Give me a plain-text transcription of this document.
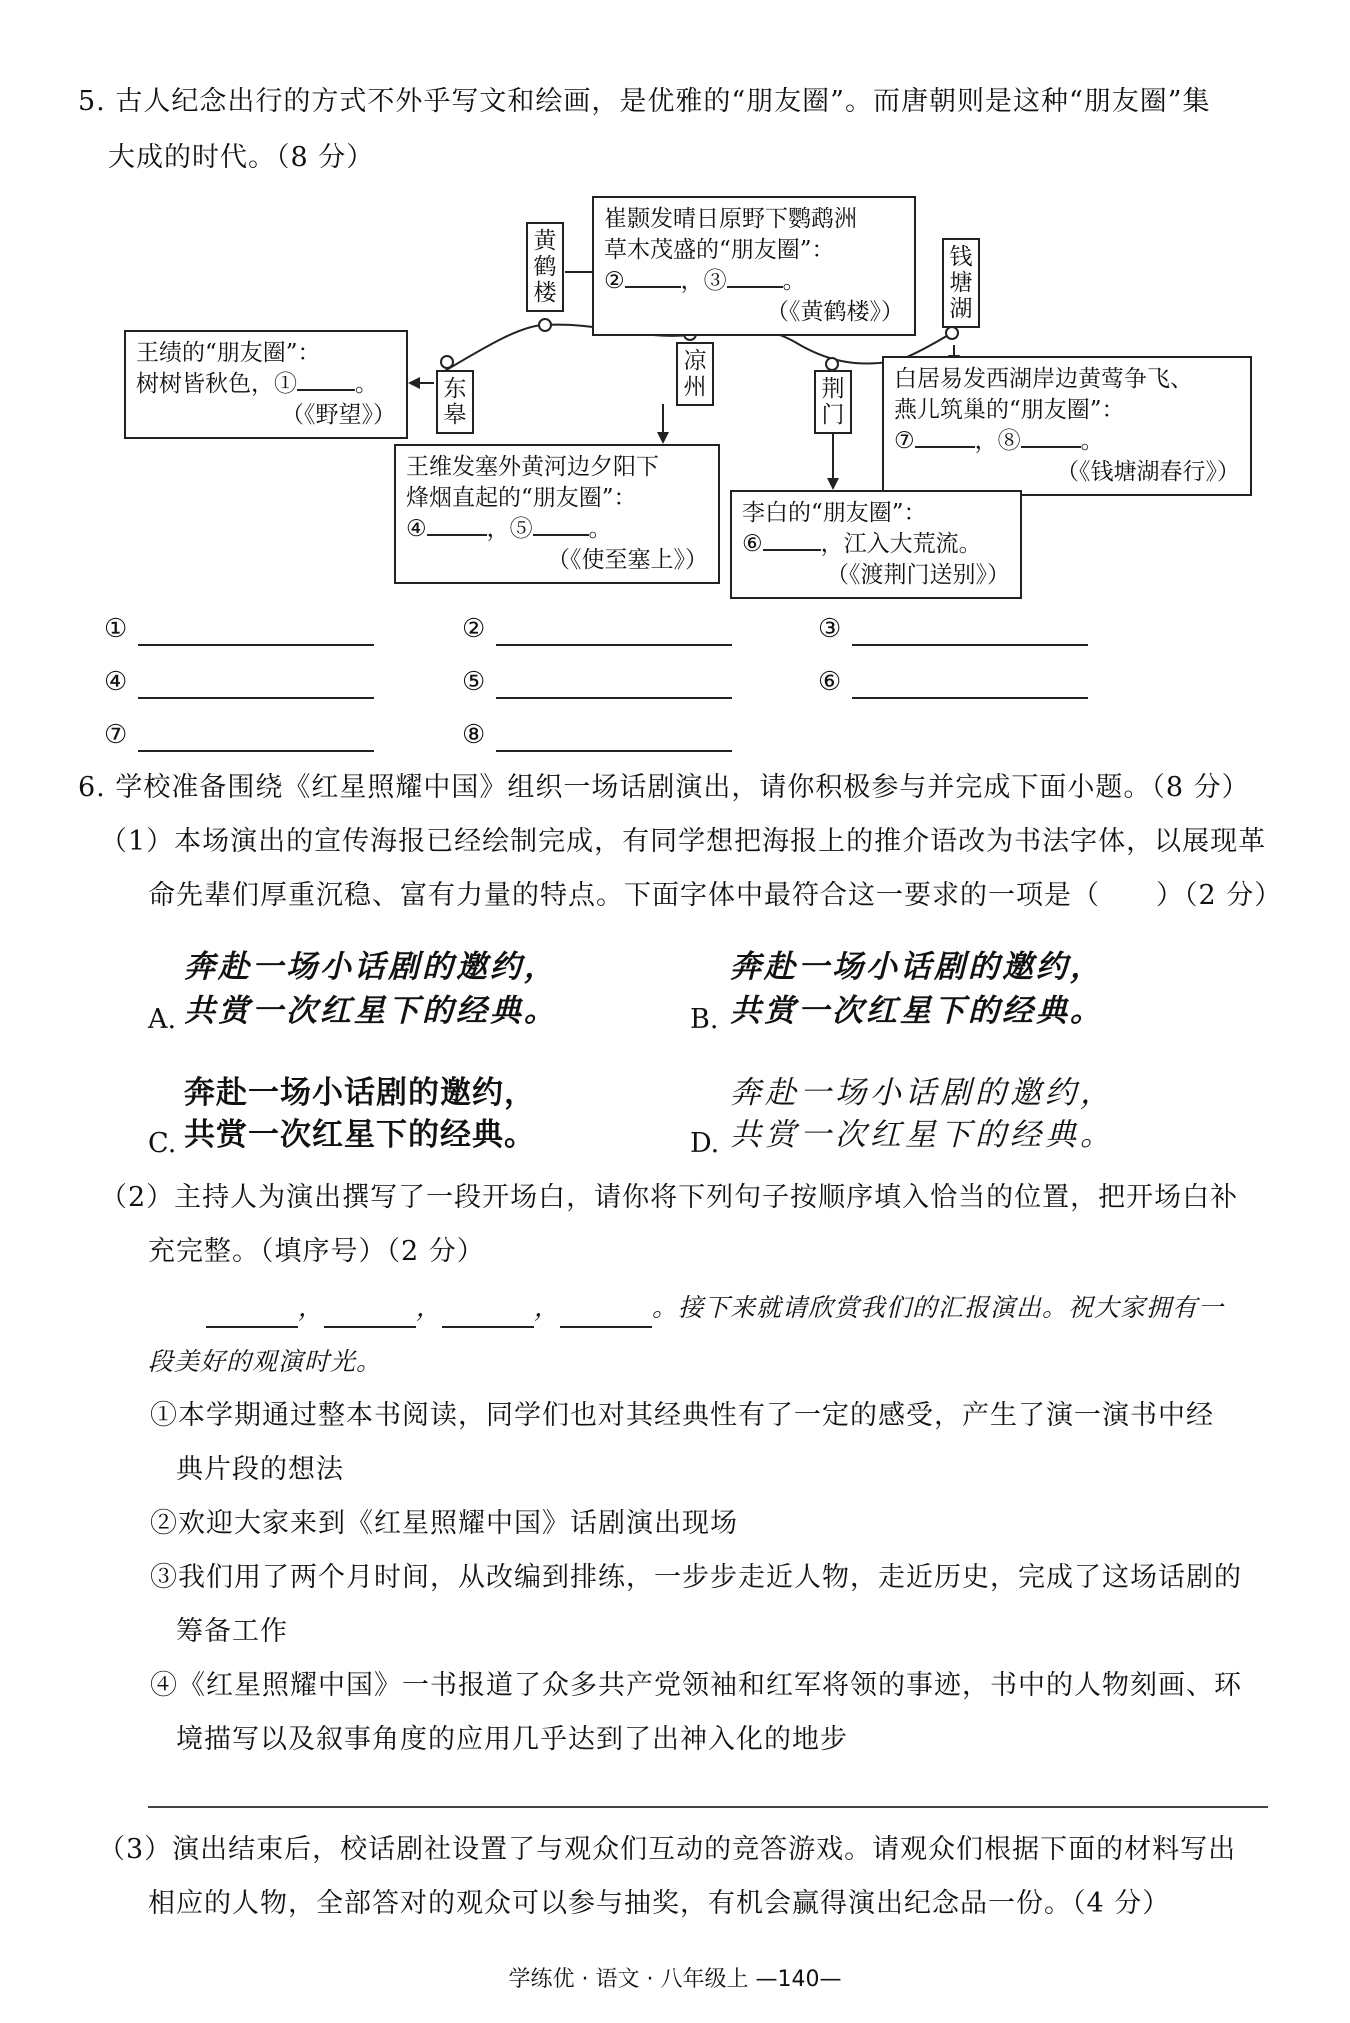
5. 古人纪念出行的方式不外乎写文和绘画，是优雅的“朋友圈”。而唐朝则是这种“朋友圈”集
大成的时代。（8 分）
黄
鹤
楼
钱
塘
湖
东
皋
凉
州	荆
门
崔颢发晴日原野下鹦鹉洲
草木茂盛的“朋友圈”：
② ，③ 。
（《黄鹤楼》）
王绩的“朋友圈”：
树树皆秋色，①	。
（《野望》）
白居易发西湖岸边黄莺争飞、
燕儿筑巢的“朋友圈”：
⑦	，⑧	。
（《钱塘湖春行》）
王维发塞外黄河边夕阳下
烽烟直起的“朋友圈”：
④	，⑤ 。
（《使至塞上》）
李白的“朋友圈”：
⑥	，江入大荒流。
（《渡荆门送别》）
①	②	③
④	⑤	⑥
⑦	⑧
6. 学校准备围绕《红星照耀中国》组织一场话剧演出，请你积极参与并完成下面小题。（8 分）
（1）本场演出的宣传海报已经绘制完成，有同学想把海报上的推介语改为书法字体，以展现革
命先辈们厚重沉稳、富有力量的特点。下面字体中最符合这一要求的一项是（　　）（2 分）
奔赴一场小话剧的邀约，
A. 共赏一次红星下的经典。
奔赴一场小话剧的邀约，
B. 共赏一次红星下的经典。
奔赴一场小话剧的邀约，
C. 共赏一次红星下的经典。
奔赴一场小话剧的邀约，
D. 共赏一次红星下的经典。
（2）主持人为演出撰写了一段开场白，请你将下列句子按顺序填入恰当的位置，把开场白补
充完整。（填序号）（2 分）
，	，	，	。接下来就请欣赏我们的汇报演出。祝大家拥有一
段美好的观演时光。
①本学期通过整本书阅读，同学们也对其经典性有了一定的感受，产生了演一演书中经
典片段的想法
②欢迎大家来到《红星照耀中国》话剧演出现场
③我们用了两个月时间，从改编到排练，一步步走近人物，走近历史，完成了这场话剧的
筹备工作
④《红星照耀中国》一书报道了众多共产党领袖和红军将领的事迹，书中的人物刻画、环
境描写以及叙事角度的应用几乎达到了出神入化的地步
（3）演出结束后，校话剧社设置了与观众们互动的竞答游戏。请观众们根据下面的材料写出
相应的人物，全部答对的观众可以参与抽奖，有机会赢得演出纪念品一份。（4 分）
学练优 · 语文 · 八年级上 —140—
